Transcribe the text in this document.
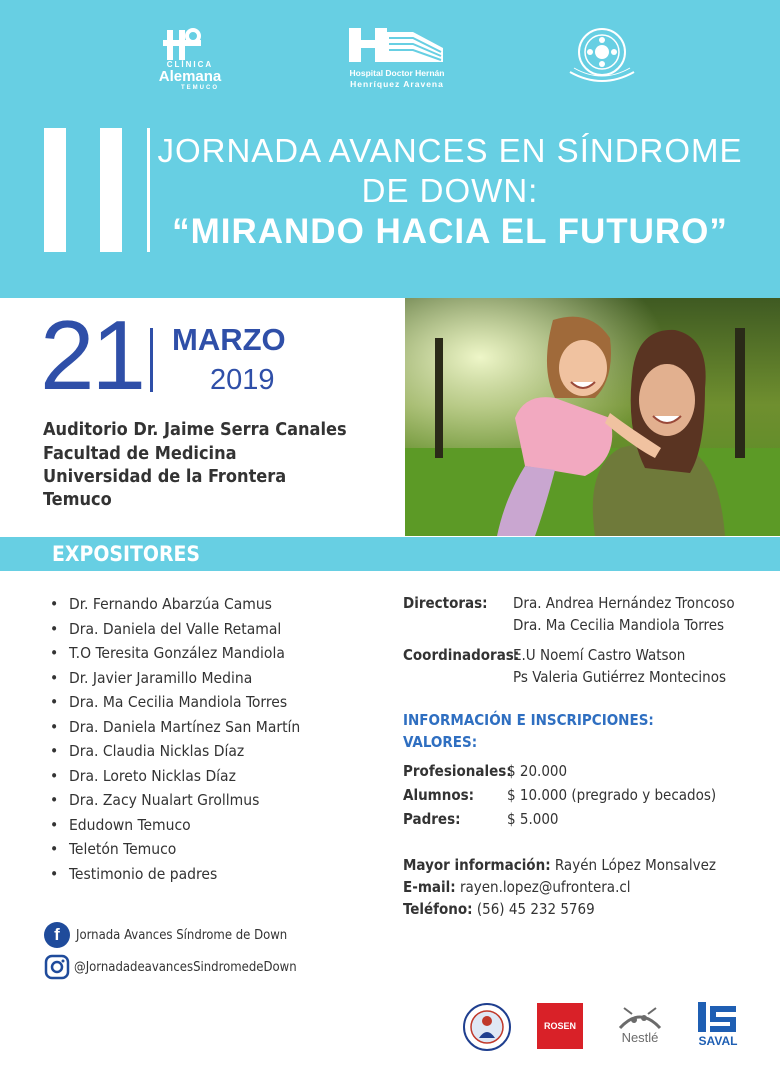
CLÍNICA
Alemana
TEMUCO
Hospital Doctor Hernán
Henríquez Aravena
JORNADA AVANCES EN SÍNDROME
DE DOWN:
“MIRANDO HACIA EL FUTURO”
21 MARZO
2019
Auditorio Dr. Jaime Serra Canales
Facultad de Medicina
Universidad de la Frontera
Temuco
EXPOSITORES
• Dr. Fernando Abarzúa Camus
• Dra. Daniela del Valle Retamal
• T.O Teresita González Mandiola
• Dr. Javier Jaramillo Medina
• Dra. Ma Cecilia Mandiola Torres
• Dra. Daniela Martínez San Martín
• Dra. Claudia Nicklas Díaz
• Dra. Loreto Nicklas Díaz
• Dra. Zacy Nualart Grollmus
• Edudown Temuco
• Teletón Temuco
• Testimonio de padres
Directoras: Dra. Andrea Hernández Troncoso
Dra. Ma Cecilia Mandiola Torres
Coordinadoras:
E.U Noemí Castro Watson
Ps Valeria Gutiérrez Montecinos
INFORMACIÓN E INSCRIPCIONES:
VALORES:
Profesionales:
$ 20.000
Alumnos: $ 10.000 (pregrado y becados)
Padres:	$ 5.000
Mayor información: Rayén López Monsalvez
E-mail: rayen.lopez@ufrontera.cl
Teléfono: (56) 45 232 5769
f Jornada Avances Síndrome de Down
@JornadadeavancesSindromedeDown
ROSEN
Nestlé	SAVAL
